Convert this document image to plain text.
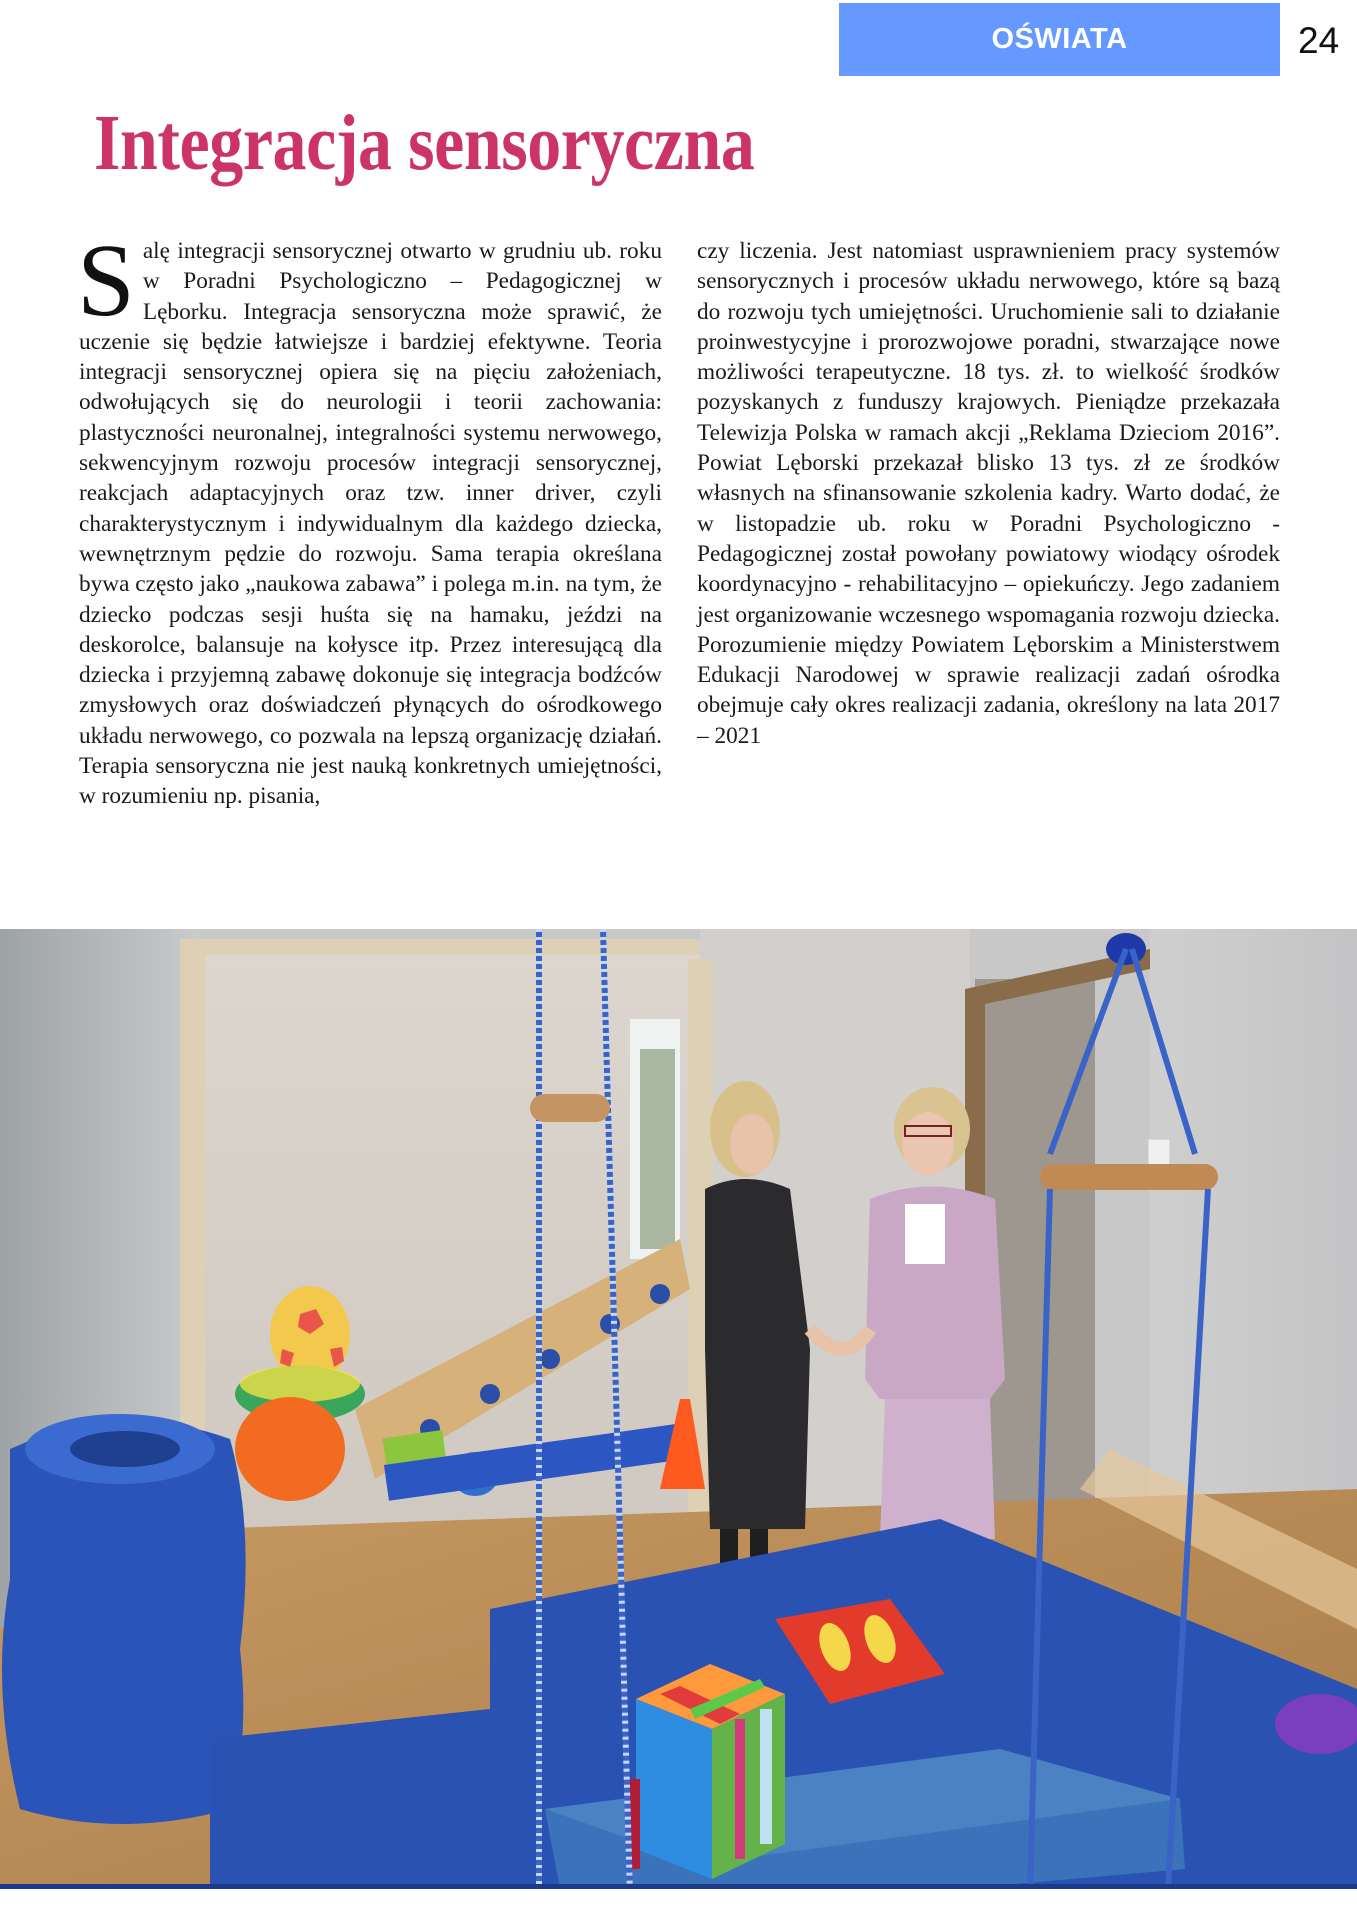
OŚWIATA	24
Integracja sensoryczna
S alę integracji sensorycznej otwarto w grudniu ub. roku w Poradni Psychologiczno – Pedagogicznej w Lęborku. Integracja sensoryczna może sprawić, że uczenie się będzie łatwiejsze i bardziej efektywne. Teoria integracji sensorycznej opiera się na pięciu założeniach, odwołujących się do neurologii i teorii zachowania: plastyczności neuronalnej, integralności systemu nerwowego, sekwencyjnym rozwoju procesów integracji sensorycznej, reakcjach adaptacyjnych oraz tzw. inner driver, czyli charakterystycznym i indywidualnym dla każdego dziecka, wewnętrznym pędzie do rozwoju. Sama terapia określana bywa często jako „naukowa zabawa” i polega m.in. na tym, że dziecko podczas sesji huśta się na hamaku, jeździ na deskorolce, balansuje na kołysce itp. Przez interesującą dla dziecka i przyjemną zabawę dokonuje się integracja bodźców zmysłowych oraz doświadczeń płynących do ośrodkowego układu nerwowego, co pozwala na lepszą organizację działań. Terapia sensoryczna nie jest nauką konkretnych umiejętności, w rozumieniu np. pisania,

czy liczenia. Jest natomiast usprawnieniem pracy systemów sensorycznych i procesów układu nerwowego, które są bazą do rozwoju tych umiejętności. Uruchomienie sali to działanie proinwestycyjne i prorozwojowe poradni, stwarzające nowe możliwości terapeutyczne. 18 tys. zł. to wielkość środków pozyskanych z funduszy krajowych. Pieniądze przekazała Telewizja Polska w ramach akcji „Reklama Dzieciom 2016”. Powiat Lęborski przekazał blisko 13 tys. zł ze środków własnych na sfinansowanie szkolenia kadry. Warto dodać, że w listopadzie ub. roku w Poradni Psychologiczno - Pedagogicznej został powołany powiatowy wiodący ośrodek koordynacyjno - rehabilitacyjno – opiekuńczy. Jego zadaniem jest organizowanie wczesnego wspomagania rozwoju dziecka. Porozumienie między Powiatem Lęborskim a Ministerstwem Edukacji Narodowej w sprawie realizacji zadań ośrodka obejmuje cały okres realizacji zadania, określony na lata 2017 – 2021
